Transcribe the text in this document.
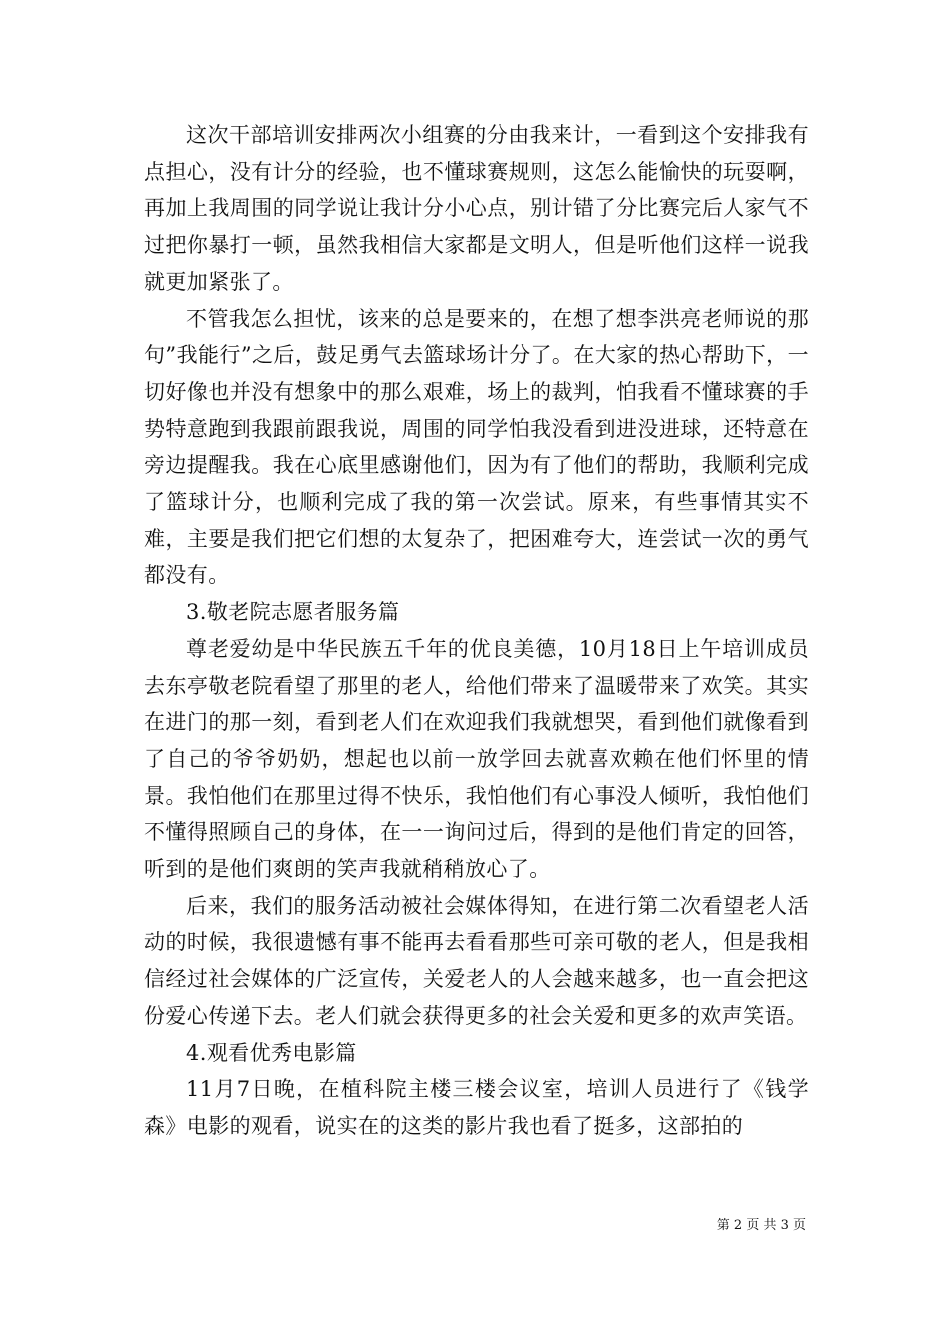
这次干部培训安排两次小组赛的分由我来计，一看到这个安排我有点担心，没有计分的经验，也不懂球赛规则，这怎么能愉快的玩耍啊，再加上我周围的同学说让我计分小心点，别计错了分比赛完后人家气不过把你暴打一顿，虽然我相信大家都是文明人，但是听他们这样一说我就更加紧张了。

不管我怎么担忧，该来的总是要来的，在想了想李洪亮老师说的那句”我能行”之后，鼓足勇气去篮球场计分了。在大家的热心帮助下，一切好像也并没有想象中的那么艰难，场上的裁判，怕我看不懂球赛的手势特意跑到我跟前跟我说，周围的同学怕我没看到进没进球，还特意在旁边提醒我。我在心底里感谢他们，因为有了他们的帮助，我顺利完成了篮球计分，也顺利完成了我的第一次尝试。原来，有些事情其实不难，主要是我们把它们想的太复杂了，把困难夸大，连尝试一次的勇气都没有。

3.敬老院志愿者服务篇

尊老爱幼是中华民族五千年的优良美德，10月18日上午培训成员去东亭敬老院看望了那里的老人，给他们带来了温暖带来了欢笑。其实在进门的那一刻，看到老人们在欢迎我们我就想哭，看到他们就像看到了自己的爷爷奶奶，想起也以前一放学回去就喜欢赖在他们怀里的情景。我怕他们在那里过得不快乐，我怕他们有心事没人倾听，我怕他们不懂得照顾自己的身体，在一一询问过后，得到的是他们肯定的回答，听到的是他们爽朗的笑声我就稍稍放心了。

后来，我们的服务活动被社会媒体得知，在进行第二次看望老人活动的时候，我很遗憾有事不能再去看看那些可亲可敬的老人，但是我相信经过社会媒体的广泛宣传，关爱老人的人会越来越多，也一直会把这份爱心传递下去。老人们就会获得更多的社会关爱和更多的欢声笑语。

4.观看优秀电影篇

11月7日晚，在植科院主楼三楼会议室，培训人员进行了《钱学森》电影的观看，说实在的这类的影片我也看了挺多，这部拍的

第 2 页 共 3 页
